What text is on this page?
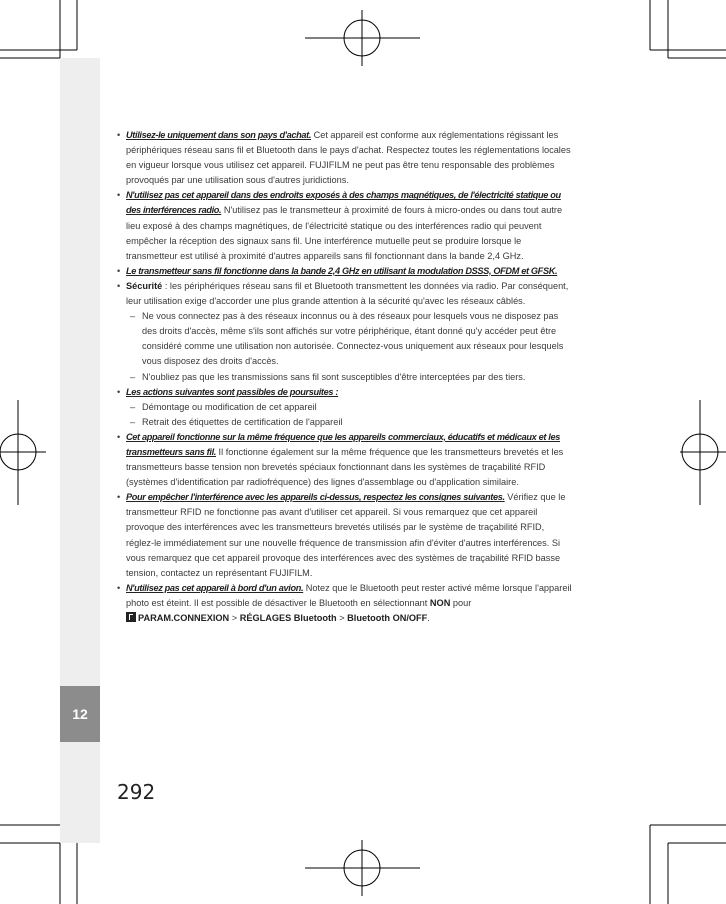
12
• Utilisez-le uniquement dans son pays d'achat. Cet appareil est conforme aux réglementations régissant les périphériques réseau sans fil et Bluetooth dans le pays d'achat. Respectez toutes les réglementations locales en vigueur lorsque vous utilisez cet appareil. FUJIFILM ne peut pas être tenu responsable des problèmes provoqués par une utilisation sous d'autres juridictions.
• N'utilisez pas cet appareil dans des endroits exposés à des champs magnétiques, de l'électricité statique ou des interférences radio. N'utilisez pas le transmetteur à proximité de fours à micro-ondes ou dans tout autre lieu exposé à des champs magnétiques, de l'électricité statique ou des interférences radio qui peuvent empêcher la réception des signaux sans fil. Une interférence mutuelle peut se produire lorsque le transmetteur est utilisé à proximité d'autres appareils sans fil fonctionnant dans la bande 2,4 GHz.
• Le transmetteur sans fil fonctionne dans la bande 2,4 GHz en utilisant la modulation DSSS, OFDM et GFSK.
• Sécurité : les périphériques réseau sans fil et Bluetooth transmettent les données via radio. Par conséquent, leur utilisation exige d'accorder une plus grande attention à la sécurité qu'avec les réseaux câblés.
– Ne vous connectez pas à des réseaux inconnus ou à des réseaux pour lesquels vous ne disposez pas des droits d'accès, même s'ils sont affichés sur votre périphérique, étant donné qu'y accéder peut être considéré comme une utilisation non autorisée. Connectez-vous uniquement aux réseaux pour lesquels vous disposez des droits d'accès.
– N'oubliez pas que les transmissions sans fil sont susceptibles d'être interceptées par des tiers.
• Les actions suivantes sont passibles de poursuites :
– Démontage ou modification de cet appareil
– Retrait des étiquettes de certification de l'appareil
• Cet appareil fonctionne sur la même fréquence que les appareils commerciaux, éducatifs et médicaux et les transmetteurs sans fil. Il fonctionne également sur la même fréquence que les transmetteurs brevetés et les transmetteurs basse tension non brevetés spéciaux fonctionnant dans les systèmes de traçabilité RFID (systèmes d'identification par radiofréquence) des lignes d'assemblage ou d'application similaire.
• Pour empêcher l'interférence avec les appareils ci-dessus, respectez les consignes suivantes. Vérifiez que le transmetteur RFID ne fonctionne pas avant d'utiliser cet appareil. Si vous remarquez que cet appareil provoque des interférences avec les transmetteurs brevetés utilisés par le système de traçabilité RFID, réglez-le immédiatement sur une nouvelle fréquence de transmission afin d'éviter d'autres interférences. Si vous remarquez que cet appareil provoque des interférences avec des systèmes de traçabilité RFID basse tension, contactez un représentant FUJIFILM.
• N'utilisez pas cet appareil à bord d'un avion. Notez que le Bluetooth peut rester activé même lorsque l'appareil photo est éteint. Il est possible de désactiver le Bluetooth en sélectionnant NON pour
PARAM.CONNEXION > RÉGLAGES Bluetooth > Bluetooth ON/OFF.
292
